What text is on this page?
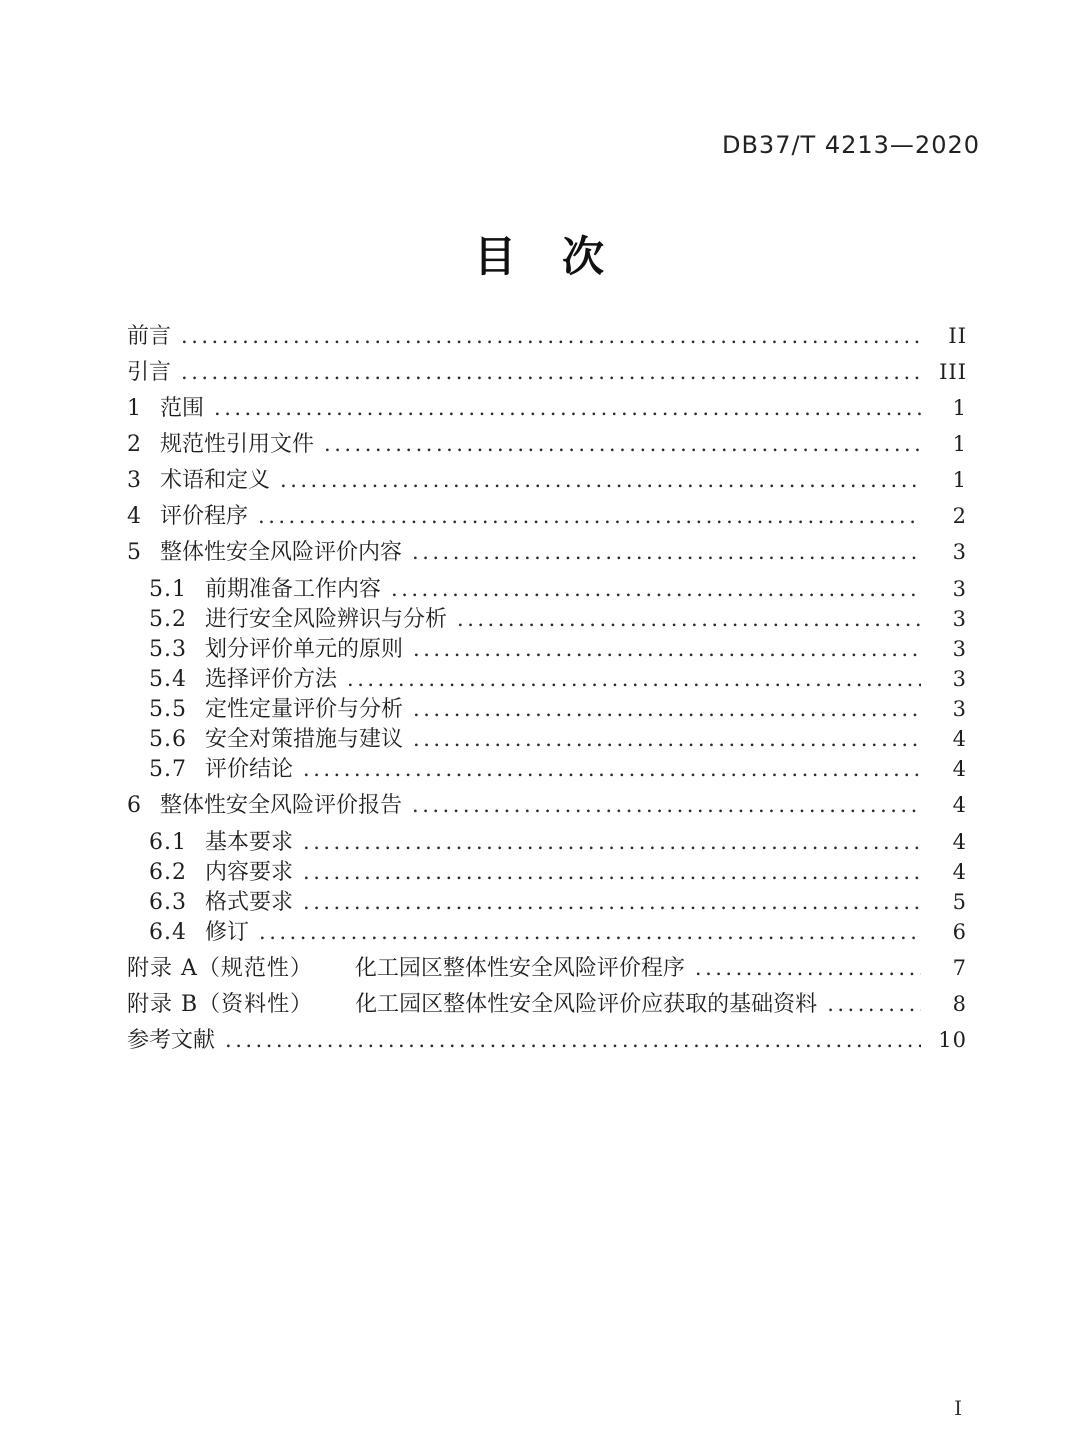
DB37/T 4213—2020
目　次
前言 .....	II
引言 .....	III
1 范围 .....	1
2 规范性引用文件 .....	1
3 术语和定义 .....	1
4 评价程序 .....	2
5 整体性安全风险评价内容 .....	3
5.1 前期准备工作内容 .....	3
5.2 进行安全风险辨识与分析 .....	3
5.3 划分评价单元的原则 .....	3
5.4 选择评价方法 .....	3
5.5 定性定量评价与分析 .....	3
5.6 安全对策措施与建议 .....	4
5.7 评价结论 .....	4
6 整体性安全风险评价报告 .....	4
6.1 基本要求 .....	4
6.2 内容要求 .....	4
6.3 格式要求 .....	5
6.4 修订 .....	6
附录 A（规范性） 化工园区整体性安全风险评价程序 .....	7
附录 B（资料性） 化工园区整体性安全风险评价应获取的基础资料 .....	8
参考文献 .....	10
I
